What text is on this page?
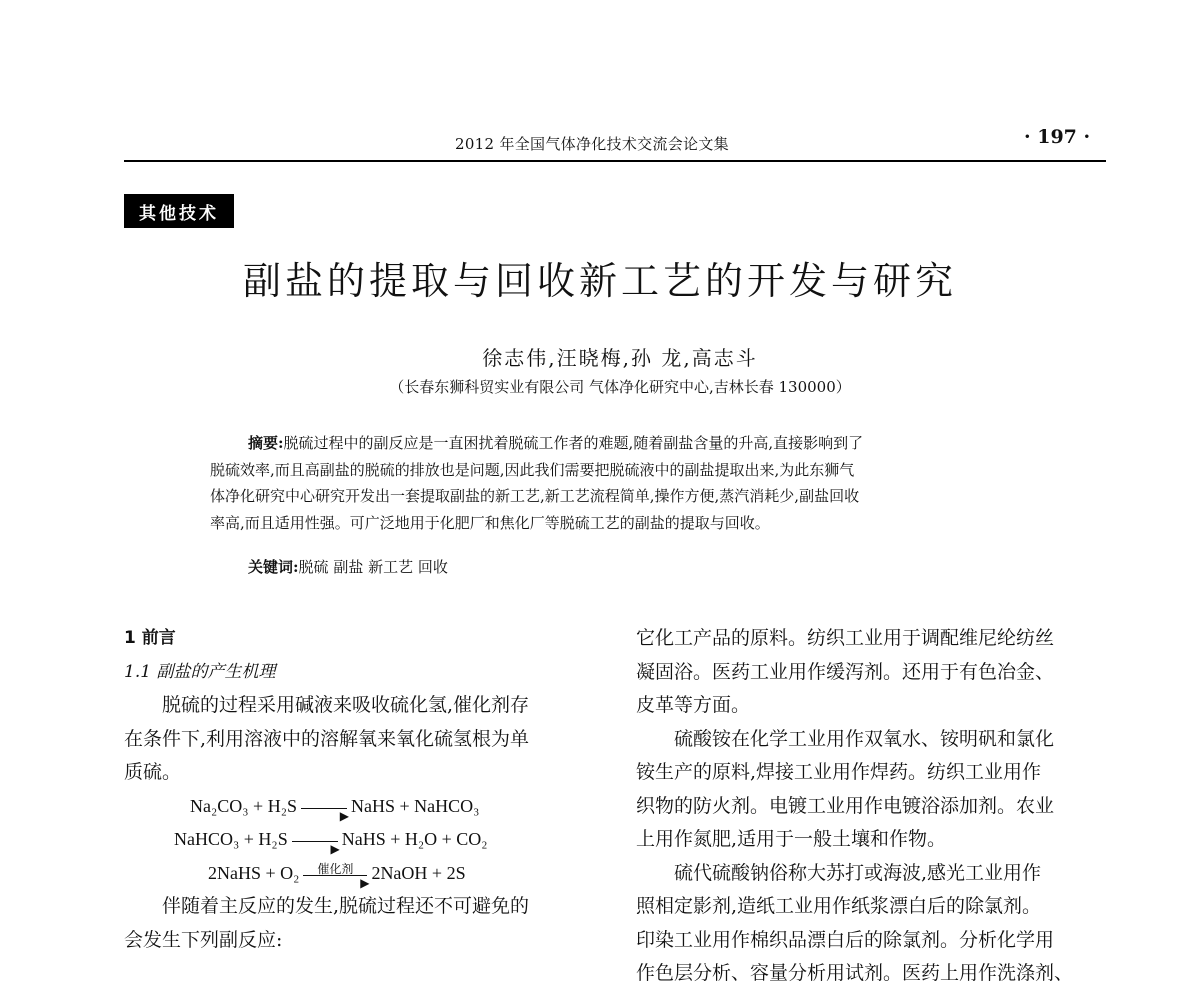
2012 年全国气体净化技术交流会论文集	· 197 ·
其他技术
副盐的提取与回收新工艺的开发与研究
徐志伟,汪晓梅,孙 龙,高志斗
（长春东狮科贸实业有限公司 气体净化研究中心,吉林长春 130000）
摘要:脱硫过程中的副反应是一直困扰着脱硫工作者的难题,随着副盐含量的升高,直接影响到了
脱硫效率,而且高副盐的脱硫的排放也是问题,因此我们需要把脱硫液中的副盐提取出来,为此东狮气
体净化研究中心研究开发出一套提取副盐的新工艺,新工艺流程简单,操作方便,蒸汽消耗少,副盐回收
率高,而且适用性强。可广泛地用于化肥厂和焦化厂等脱硫工艺的副盐的提取与回收。
关键词:脱硫 副盐 新工艺 回收
1 前言
1.1 副盐的产生机理
脱硫的过程采用碱液来吸收硫化氢,催化剂存
在条件下,利用溶液中的溶解氧来氧化硫氢根为单
质硫。
Na₂CO₃ + H₂S
▶
NaHS + NaHCO₃
NaHCO₃ + H₂S
▶
NaHS + H₂O + CO₂
2NaHS + O₂	催化剂
▶
2NaOH + 2S
伴随着主反应的发生,脱硫过程还不可避免的
会发生下列副反应:
它化工产品的原料。纺织工业用于调配维尼纶纺丝
凝固浴。医药工业用作缓泻剂。还用于有色冶金、
皮革等方面。
硫酸铵在化学工业用作双氧水、铵明矾和氯化
铵生产的原料,焊接工业用作焊药。纺织工业用作
织物的防火剂。电镀工业用作电镀浴添加剂。农业
上用作氮肥,适用于一般土壤和作物。
硫代硫酸钠俗称大苏打或海波,感光工业用作
照相定影剂,造纸工业用作纸浆漂白后的除氯剂。
印染工业用作棉织品漂白后的除氯剂。分析化学用
作色层分析、容量分析用试剂。医药上用作洗涤剂、
